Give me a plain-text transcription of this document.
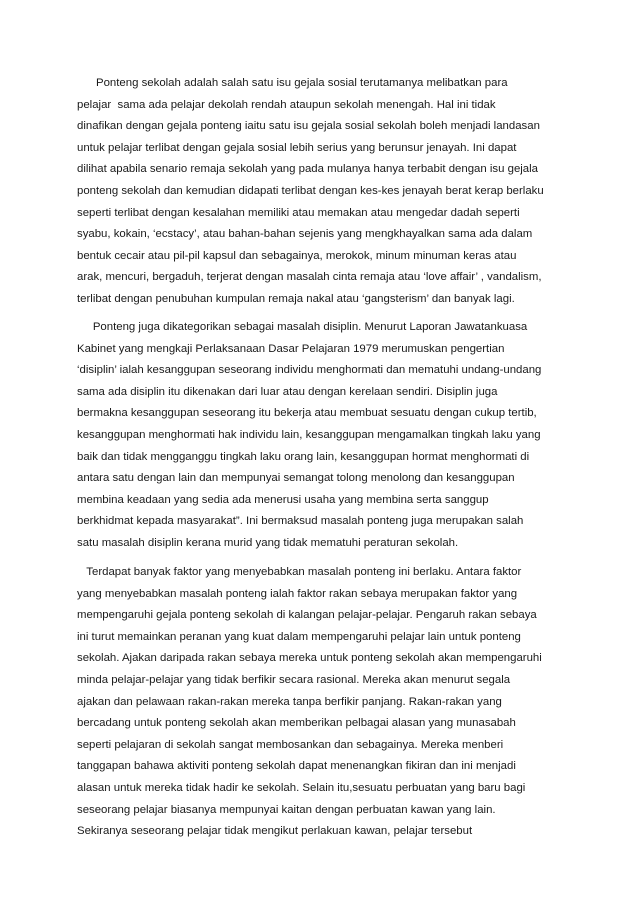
Ponteng sekolah adalah salah satu isu gejala sosial terutamanya melibatkan para
pelajar  sama ada pelajar dekolah rendah ataupun sekolah menengah. Hal ini tidak
dinafikan dengan gejala ponteng iaitu satu isu gejala sosial sekolah boleh menjadi landasan
untuk pelajar terlibat dengan gejala sosial lebih serius yang berunsur jenayah. Ini dapat
dilihat apabila senario remaja sekolah yang pada mulanya hanya terbabit dengan isu gejala
ponteng sekolah dan kemudian didapati terlibat dengan kes-kes jenayah berat kerap berlaku
seperti terlibat dengan kesalahan memiliki atau memakan atau mengedar dadah seperti
syabu, kokain, ‘ecstacy’, atau bahan-bahan sejenis yang mengkhayalkan sama ada dalam
bentuk cecair atau pil-pil kapsul dan sebagainya, merokok, minum minuman keras atau
arak, mencuri, bergaduh, terjerat dengan masalah cinta remaja atau ‘love affair’ , vandalism,
terlibat dengan penubuhan kumpulan remaja nakal atau ‘gangsterism’ dan banyak lagi.
Ponteng juga dikategorikan sebagai masalah disiplin. Menurut Laporan Jawatankuasa
Kabinet yang mengkaji Perlaksanaan Dasar Pelajaran 1979 merumuskan pengertian
‘disiplin’ ialah kesanggupan seseorang individu menghormati dan mematuhi undang-undang
sama ada disiplin itu dikenakan dari luar atau dengan kerelaan sendiri. Disiplin juga
bermakna kesanggupan seseorang itu bekerja atau membuat sesuatu dengan cukup tertib,
kesanggupan menghormati hak individu lain, kesanggupan mengamalkan tingkah laku yang
baik dan tidak mengganggu tingkah laku orang lain, kesanggupan hormat menghormati di
antara satu dengan lain dan mempunyai semangat tolong menolong dan kesanggupan
membina keadaan yang sedia ada menerusi usaha yang membina serta sanggup
berkhidmat kepada masyarakat”. Ini bermaksud masalah ponteng juga merupakan salah
satu masalah disiplin kerana murid yang tidak mematuhi peraturan sekolah.
Terdapat banyak faktor yang menyebabkan masalah ponteng ini berlaku. Antara faktor
yang menyebabkan masalah ponteng ialah faktor rakan sebaya merupakan faktor yang
mempengaruhi gejala ponteng sekolah di kalangan pelajar-pelajar. Pengaruh rakan sebaya
ini turut memainkan peranan yang kuat dalam mempengaruhi pelajar lain untuk ponteng
sekolah. Ajakan daripada rakan sebaya mereka untuk ponteng sekolah akan mempengaruhi
minda pelajar-pelajar yang tidak berfikir secara rasional. Mereka akan menurut segala
ajakan dan pelawaan rakan-rakan mereka tanpa berfikir panjang. Rakan-rakan yang
bercadang untuk ponteng sekolah akan memberikan pelbagai alasan yang munasabah
seperti pelajaran di sekolah sangat membosankan dan sebagainya. Mereka menberi
tanggapan bahawa aktiviti ponteng sekolah dapat menenangkan fikiran dan ini menjadi
alasan untuk mereka tidak hadir ke sekolah. Selain itu,sesuatu perbuatan yang baru bagi
seseorang pelajar biasanya mempunyai kaitan dengan perbuatan kawan yang lain.
Sekiranya seseorang pelajar tidak mengikut perlakuan kawan, pelajar tersebut
